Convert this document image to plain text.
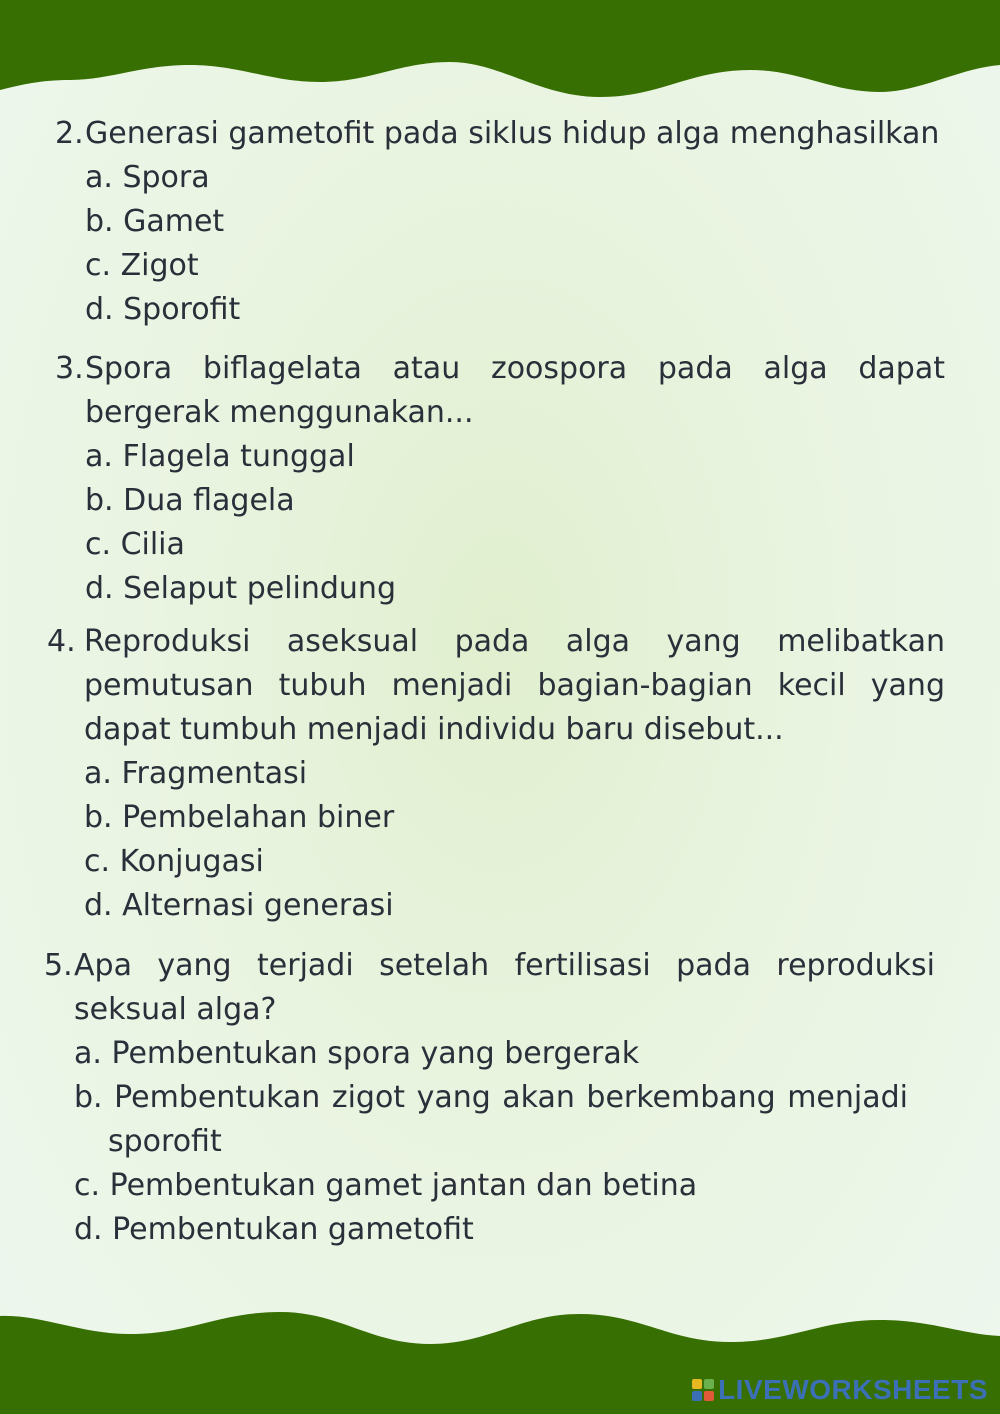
2. Generasi gametofit pada siklus hidup alga menghasilkan
a. Spora
b. Gamet
c. Zigot
d. Sporofit
3. Spora biflagelata atau zoospora pada alga dapat bergerak menggunakan...
a. Flagela tunggal
b. Dua flagela
c. Cilia
d. Selaput pelindung
4. Reproduksi aseksual pada alga yang melibatkan pemutusan tubuh menjadi bagian-bagian kecil yang dapat tumbuh menjadi individu baru disebut...
a. Fragmentasi
b. Pembelahan biner
c. Konjugasi
d. Alternasi generasi
5. Apa yang terjadi setelah fertilisasi pada reproduksi seksual alga?
a. Pembentukan spora yang bergerak
b. Pembentukan zigot yang akan berkembang menjadi sporofit
c. Pembentukan gamet jantan dan betina
d. Pembentukan gametofit
LIVEWORKSHEETS
